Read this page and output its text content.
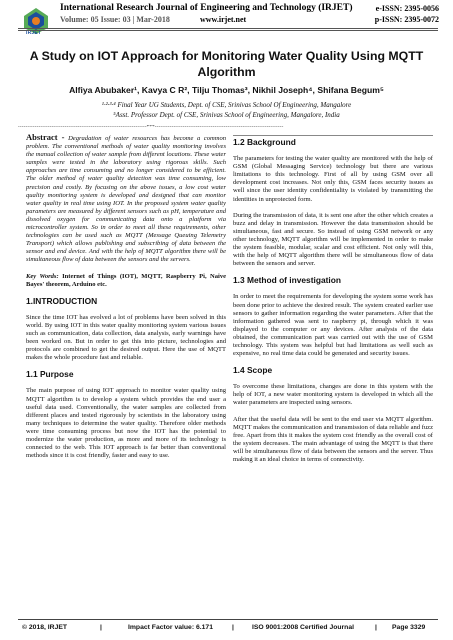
IRJET
International Research Journal of Engineering and Technology (IRJET)	e-ISSN: 2395-0056
Volume: 05 Issue: 03 | Mar-2018	www.irjet.net	p-ISSN: 2395-0072
A Study on IOT Approach for Monitoring Water Quality Using MQTT Algorithm
Alfiya Abubaker¹, Kavya C R², Tilju Thomas³, Nikhil Joseph⁴, Shifana Begum⁵
¹·²·³·⁴ Final Year UG Students, Dept. of CSE, Srinivas School Of Engineering, Mangalore
⁵Asst. Professor Dept. of CSE, Srinivas School of Engineering, Mangalore, India
---------------------------------------------------------------------***---------------------------------------------------------------------

Abstract - Degradation of water resources has become a common problem. The conventional methods of water quality monitoring involves the manual collection of water sample from different locations. These water samples were tested in the laboratory using rigorous skills. Such approaches are time consuming and no longer considered to be efficient. The older method of water quality detection was time consuming, low precision and costly. By focusing on the above issues, a low cost water quality monitoring system is developed and designed that can monitor water quality in real time using IOT. In the proposed system water quality parameters are measured by different sensors such as pH, temperature and dissolved oxygen for communicating data onto a platform via microcontroller system. So in order to meet all these requirements, other technologies can be used such as MQTT (Message Queuing Telemetry Transport) which allows publishing and subscribing of data between the sensor and end device. And with the help of MQTT algorithm there will be simultaneous flow of data between the sensors and the servers.

Key Words: Internet of Things (IOT), MQTT, Raspberry Pi, Naive Bayes' theorem, Arduino etc.

1.INTRODUCTION

Since the time IOT has evolved a lot of problems have been solved in this world. By using IOT in this water quality monitoring system various issues such as communication, data collection, data analysis, early warnings have been worked on. But in order to get this into picture, technologies and protocols are combined to get the desired output. Here the use of MQTT makes the whole procedure fast and reliable.

1.1 Purpose

The main purpose of using IOT approach to monitor water quality using MQTT algorithm is to develop a system which provides the end user a useful data used. Conventionally, the water samples are collected from different places and tested rigorously by scientists in the laboratory using many techniques to determine the water quality. Therefore older methods were time consuming process but now the IOT has the potential to modernize the water production, as more and more of its technology is connected to the web. This IOT approach is far better than conventional methods since it is cost friendly, faster and easy to use.

1.2 Background

The parameters for testing the water quality are monitored with the help of GSM (Global Messaging Service) technology but there are various limitations to this technology. First of all by using GSM over all development cost increases. Not only this, GSM faces security issues as well since the user identity confidentiality is violated by transmitting the identities in unprotected form.

During the transmission of data, it is sent one after the other which creates a buzz and delay in transmission. However the data transmission should be simultaneous, fast and secure. So instead of using GSM network or any other technology, MQTT algorithm will be implemented in order to make the system feasible, modular, scalar and cost efficient. Not only will this, with the help of MQTT algorithm there will be simultaneous flow of data between the sensors and server.

1.3 Method of investigation

In order to meet the requirements for developing the system some work has been done prior to achieve the desired result. The system created earlier use sensors to gather information regarding the water parameters. After that the information gathered was sent to raspberry pi, through which it was displayed to the computer or any devices. After analysis of the data obtained, the communication part was carried out with the use of GSM technology. This system was helpful but had limitations as well such as expensive, no real time data could be generated and security issues.

1.4 Scope

To overcome these limitations, changes are done in this system with the help of IOT, a new water monitoring system is developed in which all the water parameters are inspected using sensors.

After that the useful data will be sent to the end user via MQTT algorithm. MQTT makes the communication and transmission of data reliable and fuzz free. Apart from this it makes the system cost friendly as the overall cost of the system decreases. The main advantage of using the MQTT is that there will be simultaneous flow of data between the sensors and the server. Thus making it an ideal choice in terms of connectivity.

© 2018, IRJET	|	Impact Factor value: 6.171	|	ISO 9001:2008 Certified Journal	| Page 3329
